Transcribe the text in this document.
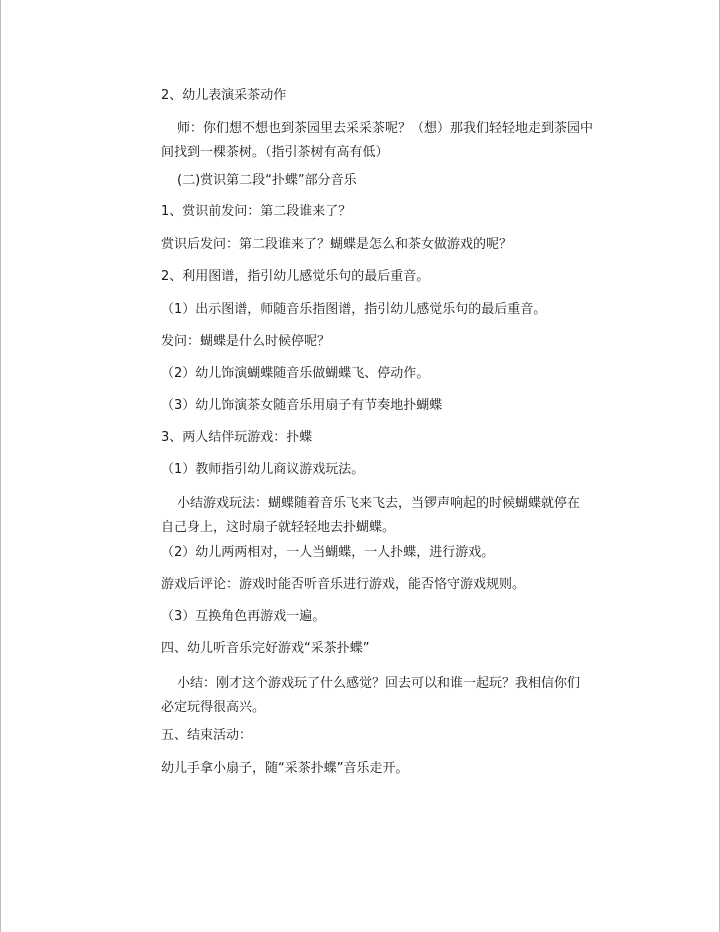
2、幼儿表演采茶动作
师：你们想不想也到茶园里去采采茶呢？（想）那我们轻轻地走到茶园中
间找到一棵茶树。（指引茶树有高有低）
(二)赏识第二段“扑蝶”部分音乐
1、赏识前发问：第二段谁来了？
赏识后发问：第二段谁来了？蝴蝶是怎么和茶女做游戏的呢？
2、利用图谱，指引幼儿感觉乐句的最后重音。
（1）出示图谱，师随音乐指图谱，指引幼儿感觉乐句的最后重音。
发问：蝴蝶是什么时候停呢？
（2）幼儿饰演蝴蝶随音乐做蝴蝶飞、停动作。
（3）幼儿饰演茶女随音乐用扇子有节奏地扑蝴蝶
3、两人结伴玩游戏：扑蝶
（1）教师指引幼儿商议游戏玩法。
小结游戏玩法：蝴蝶随着音乐飞来飞去，当锣声响起的时候蝴蝶就停在
自己身上，这时扇子就轻轻地去扑蝴蝶。
（2）幼儿两两相对，一人当蝴蝶，一人扑蝶，进行游戏。
游戏后评论：游戏时能否听音乐进行游戏，能否恪守游戏规则。
（3）互换角色再游戏一遍。
四、幼儿听音乐完好游戏“采茶扑蝶”
小结：刚才这个游戏玩了什么感觉？回去可以和谁一起玩？我相信你们
必定玩得很高兴。
五、结束活动：
幼儿手拿小扇子，随“采茶扑蝶”音乐走开。
